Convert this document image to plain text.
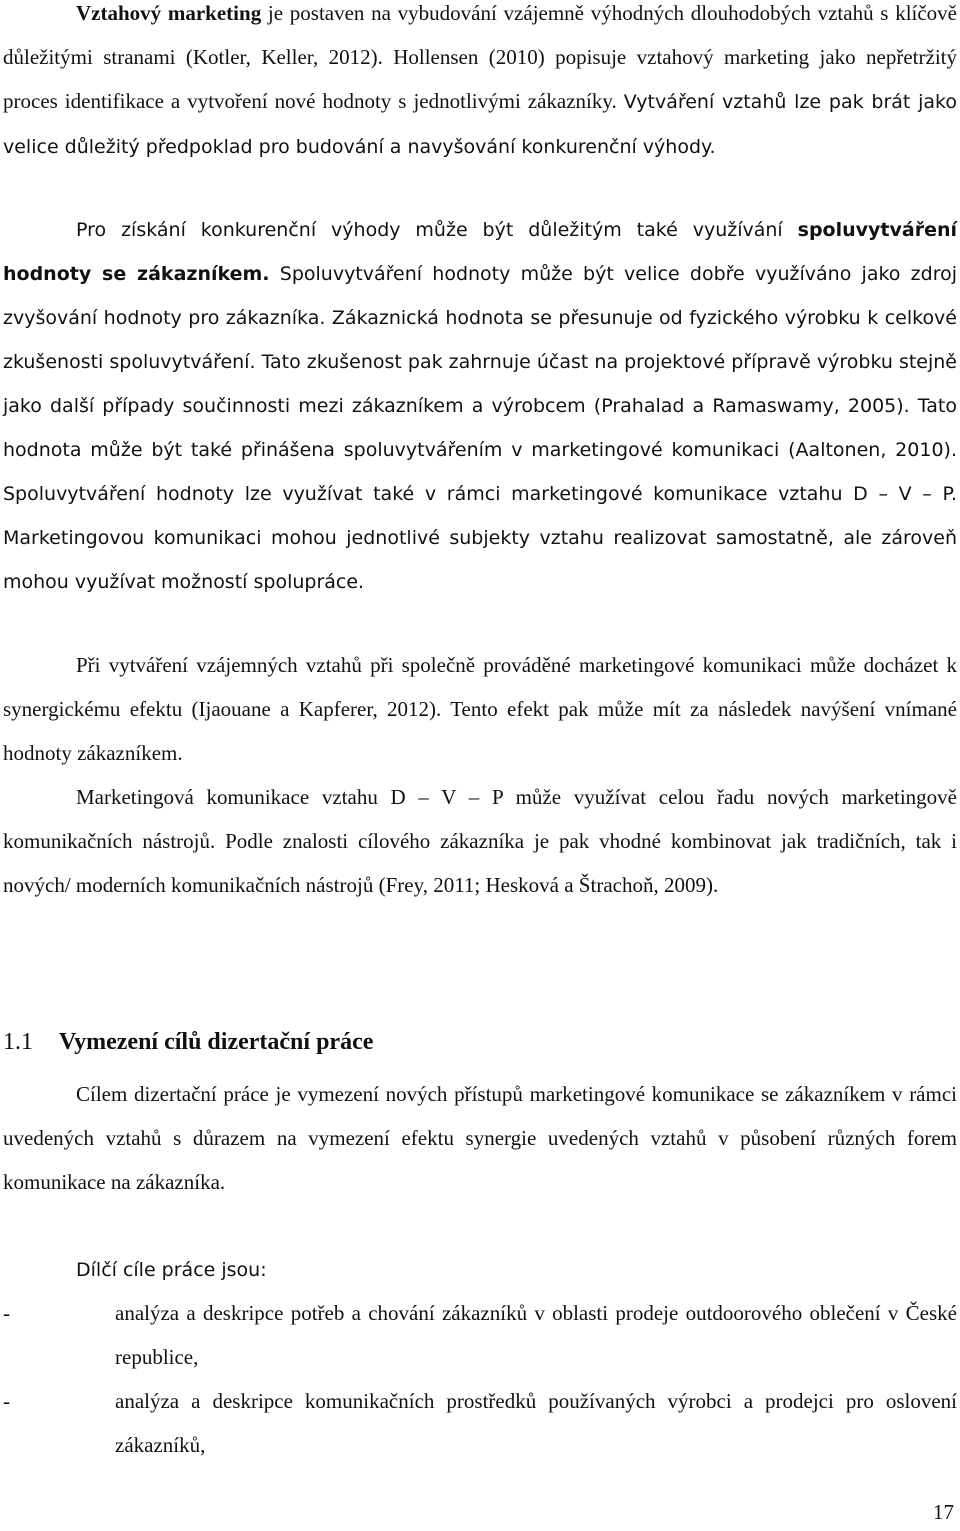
Vztahový marketing je postaven na vybudování vzájemně výhodných dlouhodobých vztahů s klíčově důležitými stranami (Kotler, Keller, 2012). Hollensen (2010) popisuje vztahový marketing jako nepřetržitý proces identifikace a vytvoření nové hodnoty s jednotlivými zákazníky. Vytváření vztahů lze pak brát jako velice důležitý předpoklad pro budování a navyšování konkurenční výhody.

Pro získání konkurenční výhody může být důležitým také využívání spoluvytváření hodnoty se zákazníkem. Spoluvytváření hodnoty může být velice dobře využíváno jako zdroj zvyšování hodnoty pro zákazníka. Zákaznická hodnota se přesunuje od fyzického výrobku k celkové zkušenosti spoluvytváření. Tato zkušenost pak zahrnuje účast na projektové přípravě výrobku stejně jako další případy součinnosti mezi zákazníkem a výrobcem (Prahalad a Ramaswamy, 2005). Tato hodnota může být také přinášena spoluvytvářením v marketingové komunikaci (Aaltonen, 2010). Spoluvytváření hodnoty lze využívat také v rámci marketingové komunikace vztahu D – V – P. Marketingovou komunikaci mohou jednotlivé subjekty vztahu realizovat samostatně, ale zároveň mohou využívat možností spolupráce.

Při vytváření vzájemných vztahů při společně prováděné marketingové komunikaci může docházet k synergickému efektu (Ijaouane a Kapferer, 2012). Tento efekt pak může mít za následek navýšení vnímané hodnoty zákazníkem.

Marketingová komunikace vztahu D – V – P může využívat celou řadu nových marketingově komunikačních nástrojů. Podle znalosti cílového zákazníka je pak vhodné kombinovat jak tradičních, tak i nových/ moderních komunikačních nástrojů (Frey, 2011; Hesková a Štrachoň, 2009).

1.1 Vymezení cílů dizertační práce

Cílem dizertační práce je vymezení nových přístupů marketingové komunikace se zákazníkem v rámci uvedených vztahů s důrazem na vymezení efektu synergie uvedených vztahů v působení různých forem komunikace na zákazníka.

Dílčí cíle práce jsou:

-	analýza a deskripce potřeb a chování zákazníků v oblasti prodeje outdoorového oblečení v České republice,
-	analýza a deskripce komunikačních prostředků používaných výrobci a prodejci pro oslovení zákazníků,

17
